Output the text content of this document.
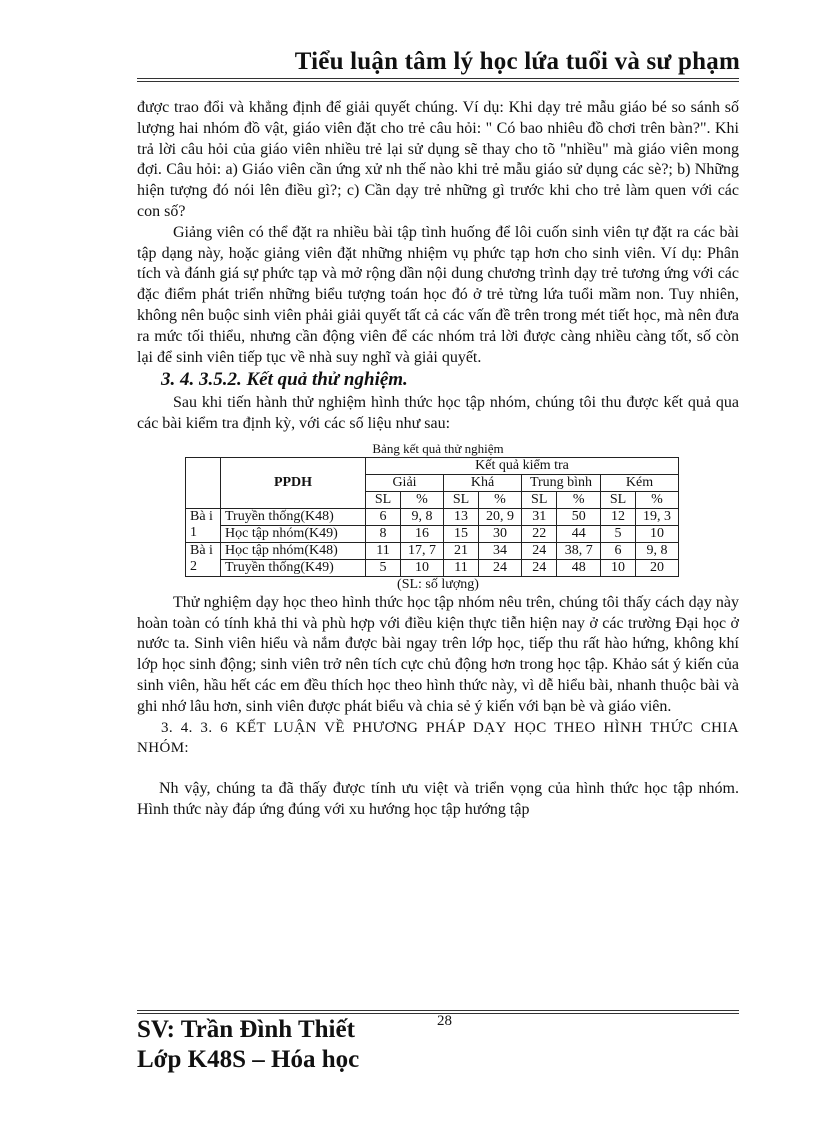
Tiểu luận tâm lý học lứa tuổi và sư phạm

được trao đổi và khẳng định để giải quyết chúng. Ví dụ: Khi dạy trẻ mẫu giáo bé so sánh số lượng hai nhóm đồ vật, giáo viên đặt cho trẻ câu hỏi: " Có bao nhiêu đồ chơi trên bàn?". Khi trả lời câu hỏi của giáo viên nhiều trẻ lại sử dụng sẽ thay cho tõ "nhiều" mà giáo viên mong đợi. Câu hỏi: a) Giáo viên cần ứng xử nh thế nào khi trẻ mẫu giáo sử dụng các sè?; b) Những hiện tượng đó nói lên điều gì?; c) Cần dạy trẻ những gì trước khi cho trẻ làm quen với các con số?

Giảng viên có thể đặt ra nhiều bài tập tình huống để lôi cuốn sinh viên tự đặt ra các bài tập dạng này, hoặc giảng viên đặt những nhiệm vụ phức tạp hơn cho sinh viên. Ví dụ: Phân tích và đánh giá sự phức tạp và mở rộng dần nội dung chương trình dạy trẻ tương ứng với các đặc điểm phát triển những biểu tượng toán học đó ở trẻ từng lứa tuổi mầm non. Tuy nhiên, không nên buộc sinh viên phải giải quyết tất cả các vấn đề trên trong mét tiết học, mà nên đưa ra mức tối thiểu, nhưng cần động viên để các nhóm trả lời được càng nhiều càng tốt, số còn lại để sinh viên tiếp tục về nhà suy nghĩ và giải quyết.

3. 4. 3.5.2. Kết quả thử nghiệm.

Sau khi tiến hành thử nghiệm hình thức học tập nhóm, chúng tôi thu được kết quả qua các bài kiểm tra định kỳ, với các số liệu như sau:

Bảng kết quả thử nghiệm
	PPDH	Kết quả kiểm tra							
		Giải		Khá		Trung bình		Kém	
		SL	%	SL	%	SL	%	SL	%
Bà i 1	Truyền thống(K48)	6	9, 8	13	20, 9	31	50	12	19, 3
	Học tập nhóm(K49)	8	16	15	30	22	44	5	10
Bà i 2	Học tập nhóm(K48)	11	17, 7	21	34	24	38, 7	6	9, 8
	Truyền thống(K49)	5	10	11	24	24	48	10	20
(SL: số lượng)

Thử nghiệm dạy học theo hình thức học tập nhóm nêu trên, chúng tôi thấy cách dạy này hoàn toàn có tính khả thi và phù hợp với điều kiện thực tiễn hiện nay ở các trường Đại học ở nước ta. Sinh viên hiểu và nắm được bài ngay trên lớp học, tiếp thu rất hào hứng, không khí lớp học sinh động; sinh viên trở nên tích cực chủ động hơn trong học tập. Khảo sát ý kiến của sinh viên, hầu hết các em đều thích học theo hình thức này, vì dễ hiểu bài, nhanh thuộc bài và ghi nhớ lâu hơn, sinh viên được phát biểu và chia sẻ ý kiến với bạn bè và giáo viên.

3. 4. 3. 6 KẾT LUẬN VỀ PHƯƠNG PHÁP DẠY HỌC THEO HÌNH THỨC CHIA NHÓM:

Nh vậy, chúng ta đã thấy được tính ưu việt và triển vọng của hình thức học tập nhóm. Hình thức này đáp ứng đúng với xu hướng học tập hướng tập

28
SV: Trần Đình Thiết
Lớp K48S – Hóa học
